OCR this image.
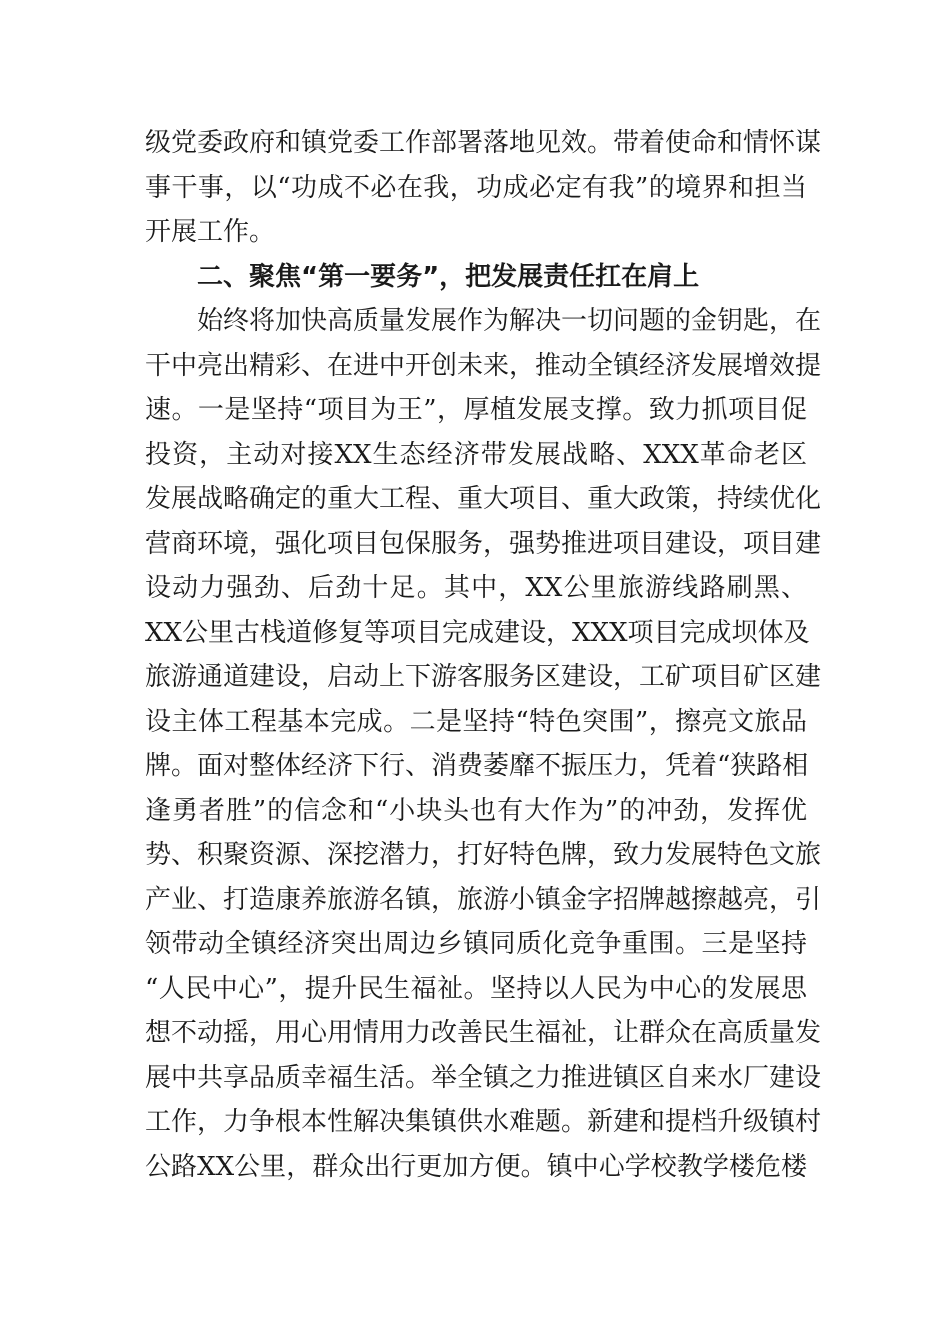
级党委政府和镇党委工作部署落地见效。带着使命和情怀谋
事干事，以“功成不必在我，功成必定有我”的境界和担当
开展工作。
二、聚焦“第一要务”，把发展责任扛在肩上
始终将加快高质量发展作为解决一切问题的金钥匙，在
干中亮出精彩、在进中开创未来，推动全镇经济发展增效提
速。一是坚持“项目为王”，厚植发展支撑。致力抓项目促
投资，主动对接XX生态经济带发展战略、XXX革命老区
发展战略确定的重大工程、重大项目、重大政策，持续优化
营商环境，强化项目包保服务，强势推进项目建设，项目建
设动力强劲、后劲十足。其中，XX公里旅游线路刷黑、
XX公里古栈道修复等项目完成建设，XXX项目完成坝体及
旅游通道建设，启动上下游客服务区建设，工矿项目矿区建
设主体工程基本完成。二是坚持“特色突围”，擦亮文旅品
牌。面对整体经济下行、消费萎靡不振压力，凭着“狭路相
逢勇者胜”的信念和“小块头也有大作为”的冲劲，发挥优
势、积聚资源、深挖潜力，打好特色牌，致力发展特色文旅
产业、打造康养旅游名镇，旅游小镇金字招牌越擦越亮，引
领带动全镇经济突出周边乡镇同质化竞争重围。三是坚持
“人民中心”，提升民生福祉。坚持以人民为中心的发展思
想不动摇，用心用情用力改善民生福祉，让群众在高质量发
展中共享品质幸福生活。举全镇之力推进镇区自来水厂建设
工作，力争根本性解决集镇供水难题。新建和提档升级镇村
公路XX公里，群众出行更加方便。镇中心学校教学楼危楼
